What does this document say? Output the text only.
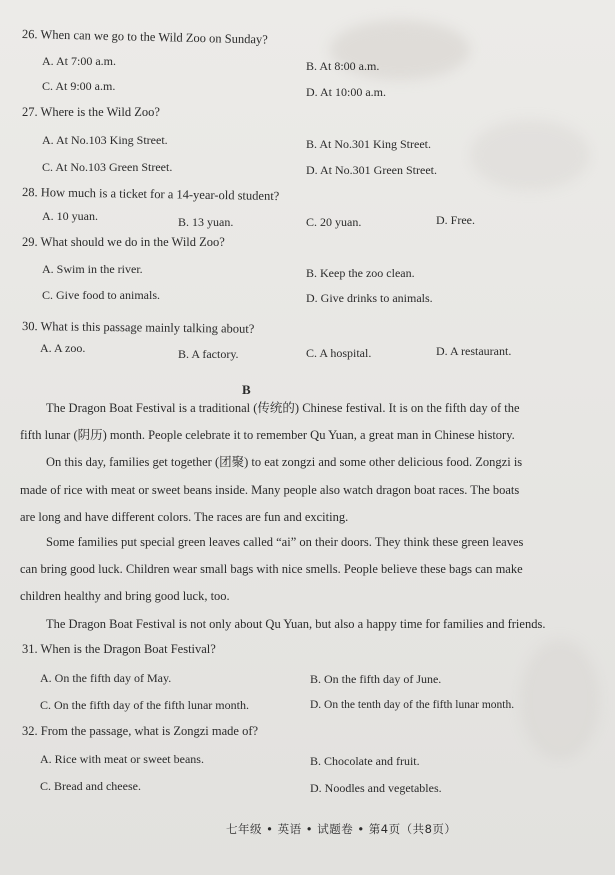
26. When can we go to the Wild Zoo on Sunday?
A. At 7:00 a.m.	B. At 8:00 a.m.
C. At 9:00 a.m.	D. At 10:00 a.m.
27. Where is the Wild Zoo?
A. At No.103 King Street.	B. At No.301 King Street.
C. At No.103 Green Street.	D. At No.301 Green Street.
28. How much is a ticket for a 14-year-old student?
A. 10 yuan.	B. 13 yuan.	C. 20 yuan.	D. Free.
29. What should we do in the Wild Zoo?
A. Swim in the river.	B. Keep the zoo clean.
C. Give food to animals.	D. Give drinks to animals.
30. What is this passage mainly talking about?
A. A zoo.	B. A factory.	C. A hospital.	D. A restaurant.
B
The Dragon Boat Festival is a traditional (传统的) Chinese festival. It is on the fifth day of the
fifth lunar (阴历) month. People celebrate it to remember Qu Yuan, a great man in Chinese history.
On this day, families get together (团聚) to eat zongzi and some other delicious food. Zongzi is
made of rice with meat or sweet beans inside. Many people also watch dragon boat races. The boats
are long and have different colors. The races are fun and exciting.
Some families put special green leaves called “ai” on their doors. They think these green leaves
can bring good luck. Children wear small bags with nice smells. People believe these bags can make
children healthy and bring good luck, too.
The Dragon Boat Festival is not only about Qu Yuan, but also a happy time for families and friends.
31. When is the Dragon Boat Festival?
A. On the fifth day of May.	B. On the fifth day of June.
C. On the fifth day of the fifth lunar month.	D. On the tenth day of the fifth lunar month.
32. From the passage, what is Zongzi made of?
A. Rice with meat or sweet beans.	B. Chocolate and fruit.
C. Bread and cheese.	D. Noodles and vegetables.
七年级 • 英语 • 试题卷 • 第4页（共8页）
